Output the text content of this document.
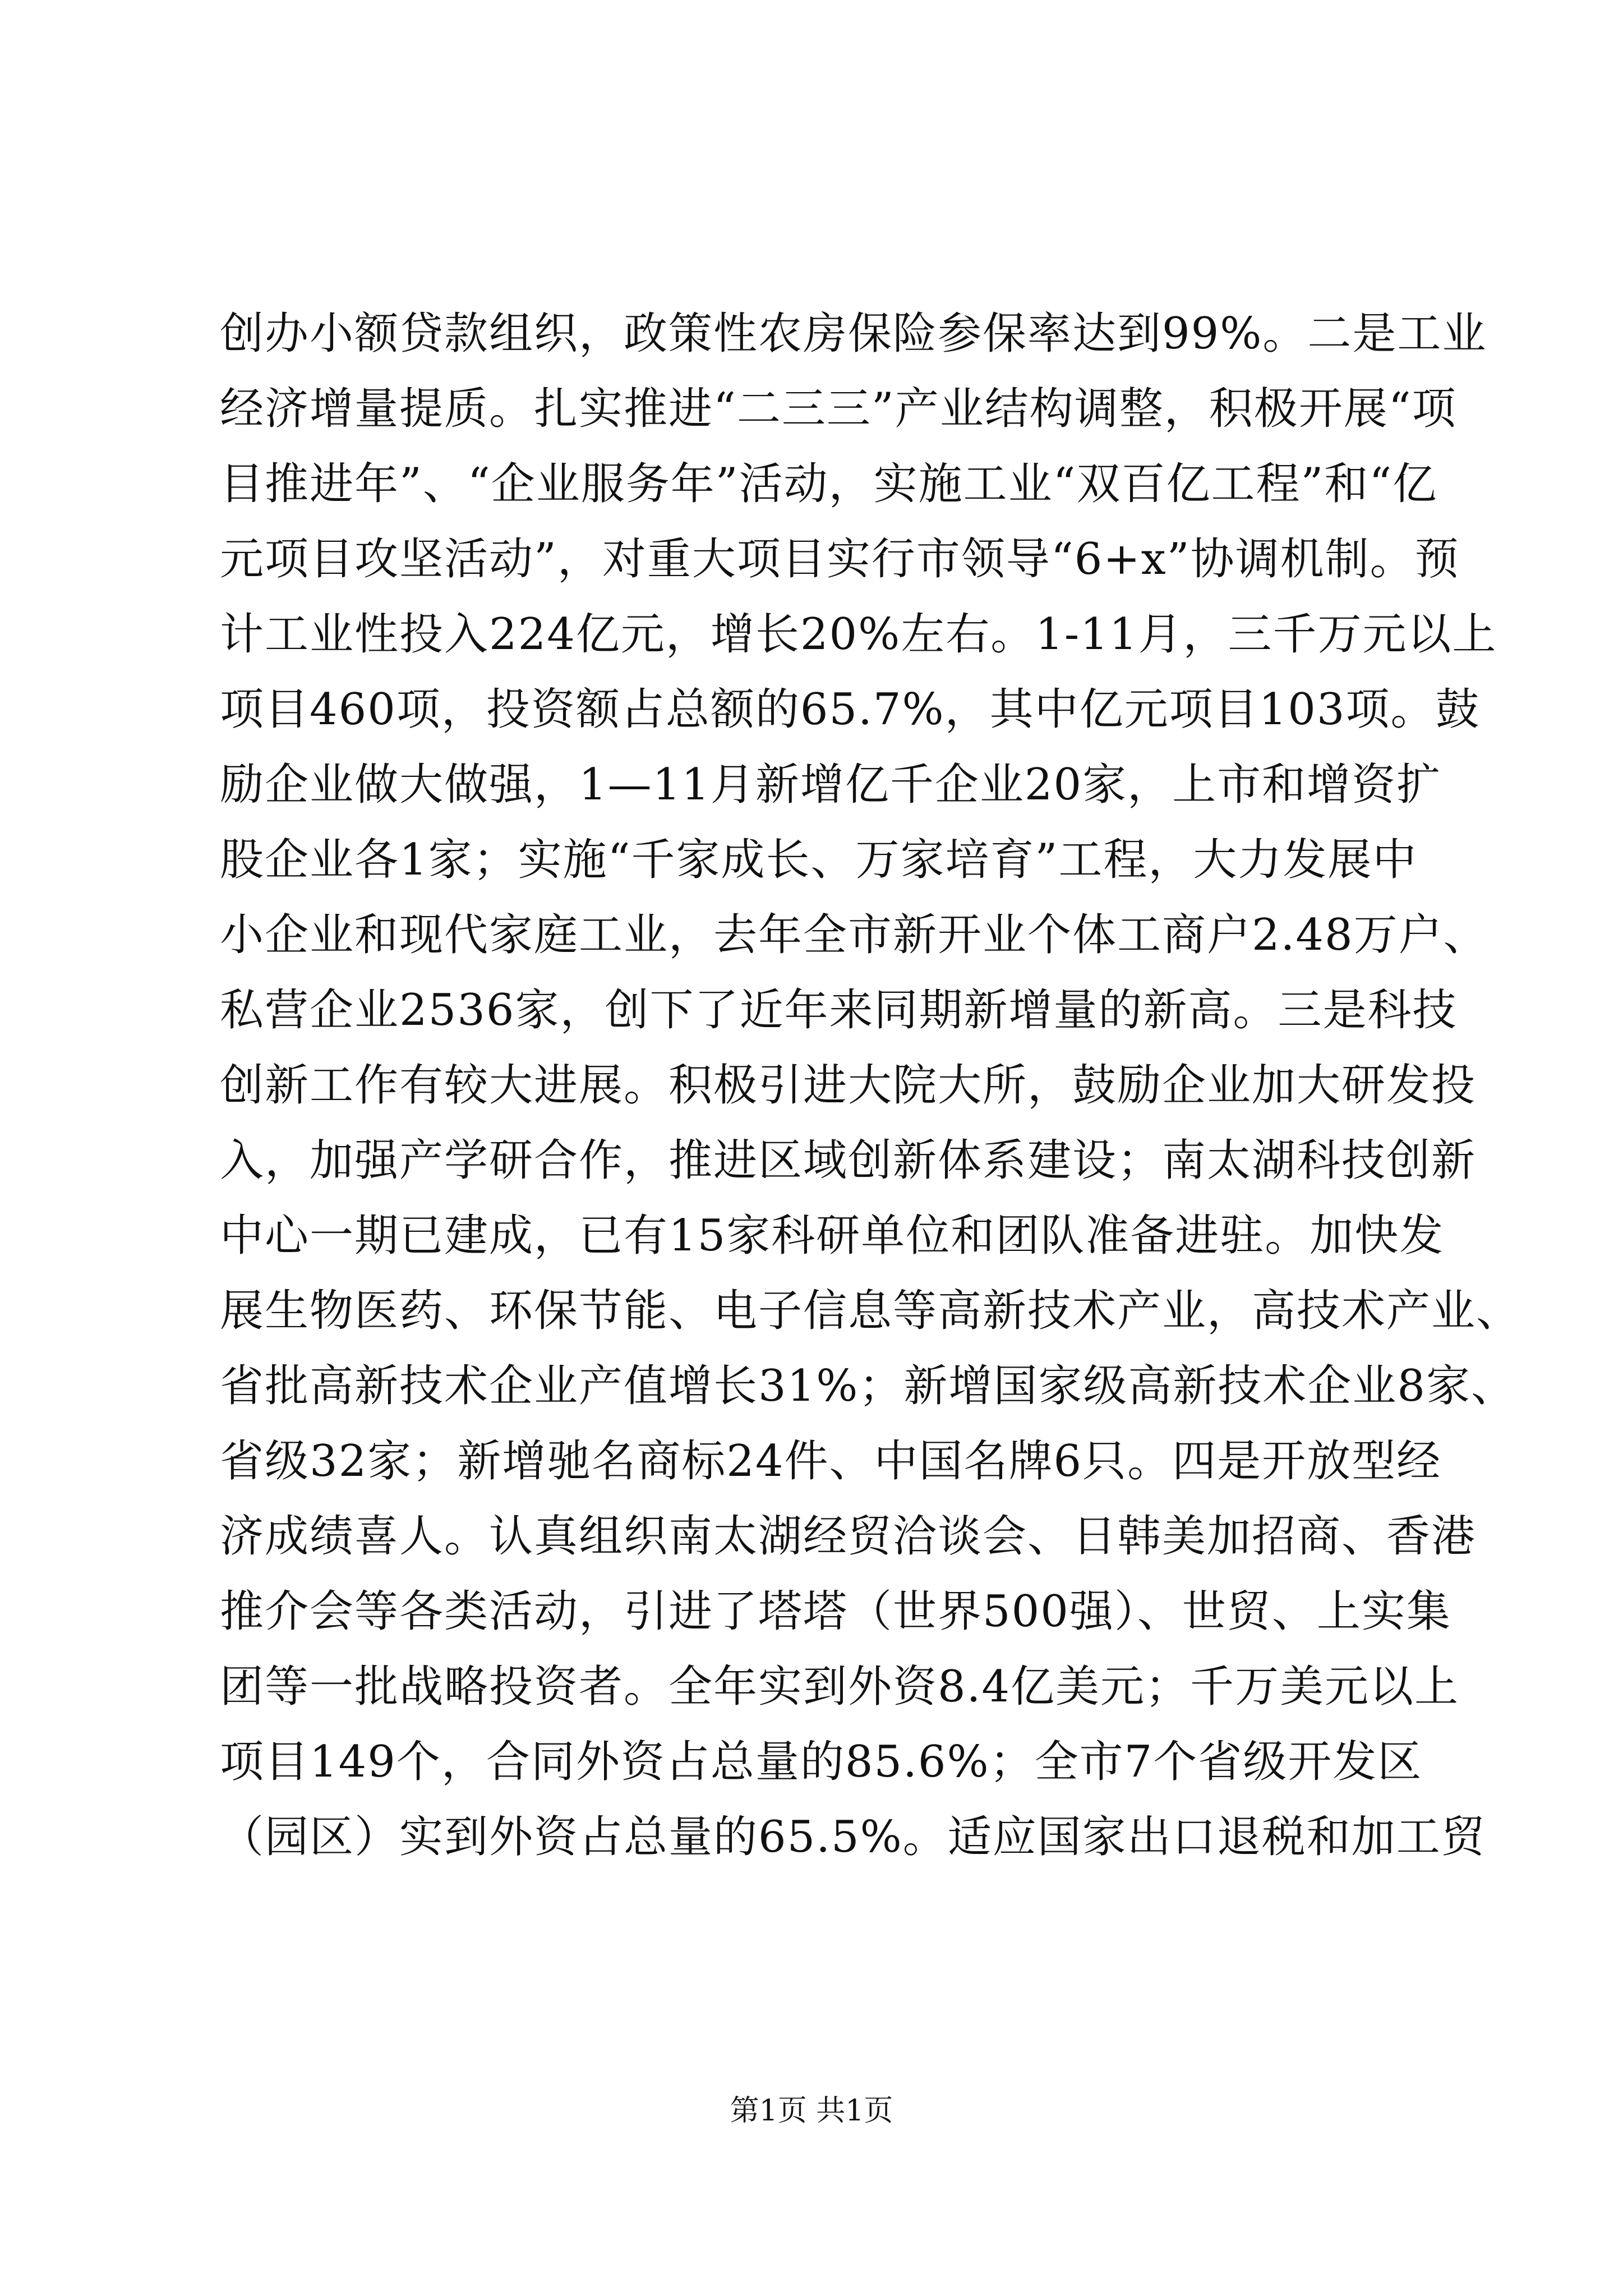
创办小额贷款组织，政策性农房保险参保率达到99%。二是工业
经济增量提质。扎实推进“二三三”产业结构调整，积极开展“项
目推进年”、“企业服务年”活动，实施工业“双百亿工程”和“亿
元项目攻坚活动”，对重大项目实行市领导“6+x”协调机制。预
计工业性投入224亿元，增长20%左右。1-11月，三千万元以上
项目460项，投资额占总额的65.7%，其中亿元项目103项。鼓
励企业做大做强，1—11月新增亿千企业20家，上市和增资扩
股企业各1家；实施“千家成长、万家培育”工程，大力发展中
小企业和现代家庭工业，去年全市新开业个体工商户2.48万户、
私营企业2536家，创下了近年来同期新增量的新高。三是科技
创新工作有较大进展。积极引进大院大所，鼓励企业加大研发投
入，加强产学研合作，推进区域创新体系建设；南太湖科技创新
中心一期已建成，已有15家科研单位和团队准备进驻。加快发
展生物医药、环保节能、电子信息等高新技术产业，高技术产业、
省批高新技术企业产值增长31%；新增国家级高新技术企业8家、
省级32家；新增驰名商标24件、中国名牌6只。四是开放型经
济成绩喜人。认真组织南太湖经贸洽谈会、日韩美加招商、香港
推介会等各类活动，引进了塔塔（世界500强）、世贸、上实集
团等一批战略投资者。全年实到外资8.4亿美元；千万美元以上
项目149个，合同外资占总量的85.6%；全市7个省级开发区
（园区）实到外资占总量的65.5%。适应国家出口退税和加工贸
第1页 共1页
